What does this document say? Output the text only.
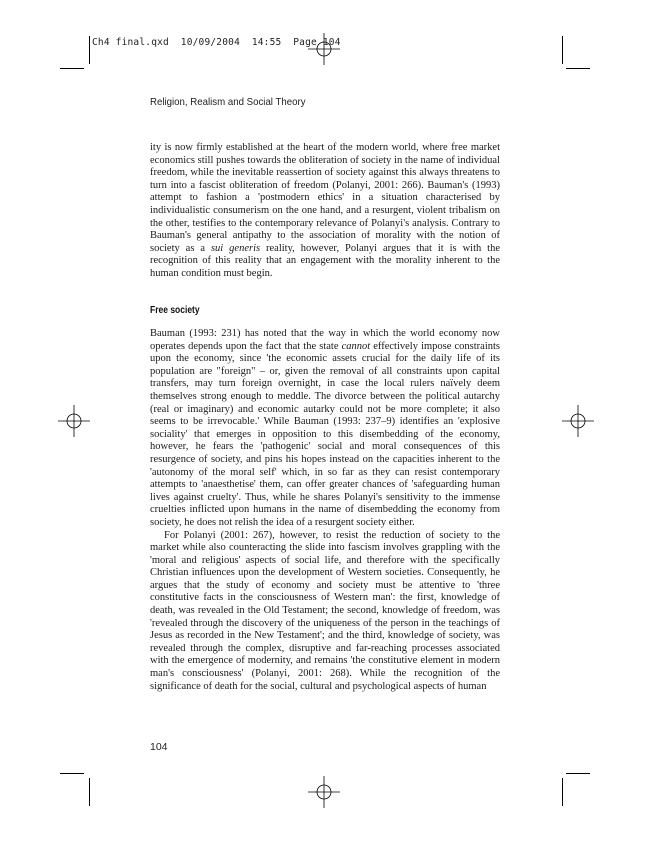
Ch4 final.qxd  10/09/2004  14:55  Page 104
Religion, Realism and Social Theory

ity is now firmly established at the heart of the modern world, where free market economics still pushes towards the obliteration of society in the name of individual freedom, while the inevitable reassertion of society against this always threatens to turn into a fascist obliteration of freedom (Polanyi, 2001: 266). Bauman's (1993) attempt to fashion a 'postmodern ethics' in a situation characterised by individualistic consumerism on the one hand, and a resurgent, violent tribalism on the other, testifies to the contemporary relevance of Polanyi's analysis. Contrary to Bauman's general antipathy to the association of morality with the notion of society as a sui generis reality, however, Polanyi argues that it is with the recognition of this reality that an engagement with the morality inherent to the human condition must begin.

Free society

Bauman (1993: 231) has noted that the way in which the world economy now operates depends upon the fact that the state cannot effectively impose constraints upon the economy, since 'the economic assets crucial for the daily life of its population are "foreign" – or, given the removal of all constraints upon capital transfers, may turn foreign overnight, in case the local rulers naïvely deem themselves strong enough to meddle. The divorce between the political autarchy (real or imaginary) and economic autarky could not be more complete; it also seems to be irrevocable.' While Bauman (1993: 237–9) identifies an 'explosive sociality' that emerges in opposition to this disembedding of the economy, however, he fears the 'pathogenic' social and moral consequences of this resurgence of society, and pins his hopes instead on the capacities inherent to the 'autonomy of the moral self' which, in so far as they can resist contemporary attempts to 'anaesthetise' them, can offer greater chances of 'safeguarding human lives against cruelty'. Thus, while he shares Polanyi's sensitivity to the immense cruelties inflicted upon humans in the name of disembedding the economy from society, he does not relish the idea of a resurgent society either.

For Polanyi (2001: 267), however, to resist the reduction of society to the market while also counteracting the slide into fascism involves grappling with the 'moral and religious' aspects of social life, and therefore with the specifically Christian influences upon the development of Western societies. Consequently, he argues that the study of economy and society must be attentive to 'three constitutive facts in the consciousness of Western man': the first, knowledge of death, was revealed in the Old Testament; the second, knowledge of freedom, was 'revealed through the discovery of the uniqueness of the person in the teachings of Jesus as recorded in the New Testament'; and the third, knowledge of society, was revealed through the complex, disruptive and far-reaching processes associated with the emergence of modernity, and remains 'the constitutive element in modern man's consciousness' (Polanyi, 2001: 268). While the recognition of the significance of death for the social, cultural and psychological aspects of human

104
